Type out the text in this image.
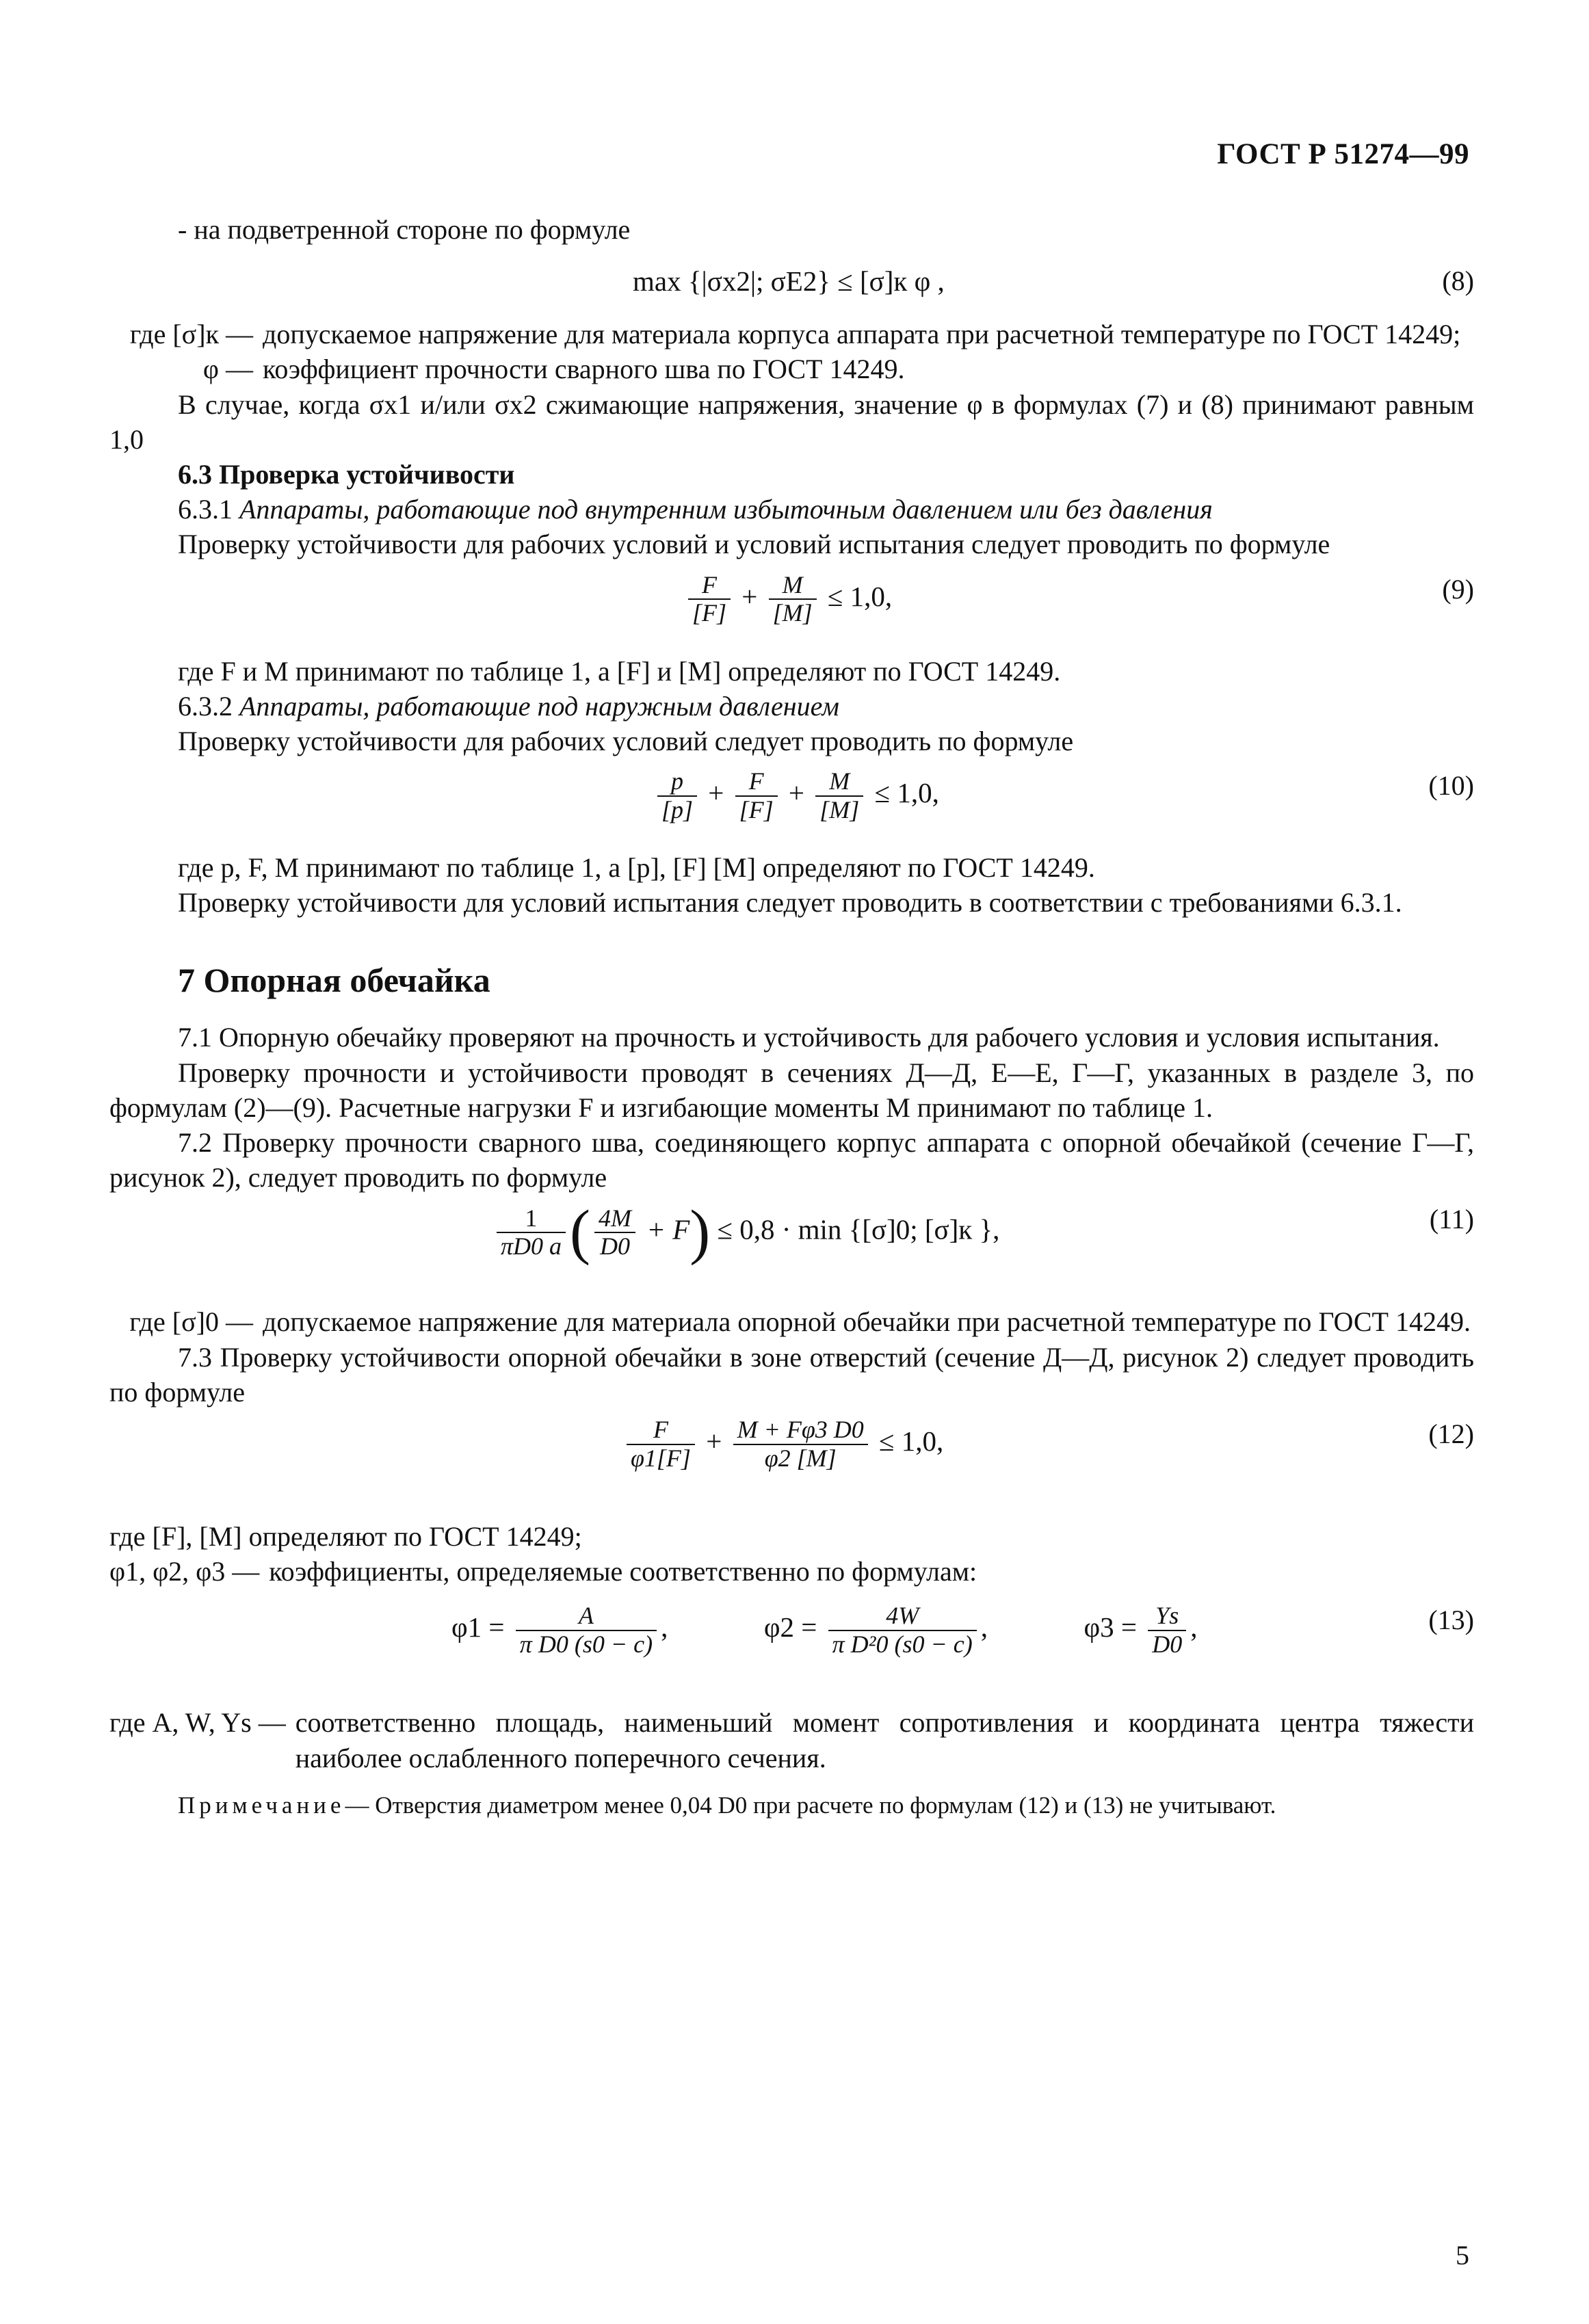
ГОСТ Р 51274—99

- на подветренной стороне по формуле

max {|σx2|; σE2} ≤ [σ]к φ ,	(8)
где [σ]к — допускаемое напряжение для материала корпуса аппарата при расчетной температуре по ГОСТ 14249;
φ — коэффициент прочности сварного шва по ГОСТ 14249.

В случае, когда σx1 и/или σx2 сжимающие напряжения, значение φ в формулах (7) и (8) принимают равным 1,0

6.3 Проверка устойчивости

6.3.1 Аппараты, работающие под внутренним избыточным давлением или без давления

Проверку устойчивости для рабочих условий и условий испытания следует проводить по формуле

$\frac{F}{[F]} + \frac{M}{[M]} \le 1,0$,	(9)

где F и M принимают по таблице 1, а [F] и [M] определяют по ГОСТ 14249.

6.3.2 Аппараты, работающие под наружным давлением

Проверку устойчивости для рабочих условий следует проводить по формуле

$\frac{p}{[p]} + \frac{F}{[F]} + \frac{M}{[M]} \le 1,0$,	(10)

где p, F, M принимают по таблице 1, а [p], [F] [M] определяют по ГОСТ 14249.

Проверку устойчивости для условий испытания следует проводить в соответствии с требованиями 6.3.1.

7 Опорная обечайка

7.1 Опорную обечайку проверяют на прочность и устойчивость для рабочего условия и условия испытания.

Проверку прочности и устойчивости проводят в сечениях Д—Д, Е—Е, Г—Г, указанных в разделе 3, по формулам (2)—(9). Расчетные нагрузки F и изгибающие моменты M принимают по таблице 1.

7.2 Проверку прочности сварного шва, соединяющего корпус аппарата с опорной обечайкой (сечение Г—Г, рисунок 2), следует проводить по формуле

$\frac{1}{\pi D0 a}$ ( $\frac{4M}{D0} + F) \le 0,8 \cdot \min \{[\sigma]0$; [σ]к },	(11)
где [σ]0 — допускаемое напряжение для материала опорной обечайки при расчетной температуре по ГОСТ 14249.

7.3 Проверку устойчивости опорной обечайки в зоне отверстий (сечение Д—Д, рисунок 2) следует проводить по формуле

$\frac{F}{\varphi 1[F]} + \frac{M + F\varphi 3 D0}{\varphi 2 [M]} \le 1,0$,	(12)

где [F], [M] определяют по ГОСТ 14249;

φ1, φ2, φ3 — коэффициенты, определяемые соответственно по формулам:
$\varphi 1 = \frac{A}{\text{π D0 (s0 − c)}}$ ,	$\varphi 2 = \frac{4W}{\text{π D²0 (s0 − c)}}$ ,	$\varphi 3 = \frac{Ys}{D0}$ ,	(13)
где A, W, Ys — соответственно площадь, наименьший момент сопротивления и координата центра тяжести наиболее ослабленного поперечного сечения.

Примечание— Отверстия диаметром менее 0,04 D0 при расчете по формулам (12) и (13) не учитывают.

5
